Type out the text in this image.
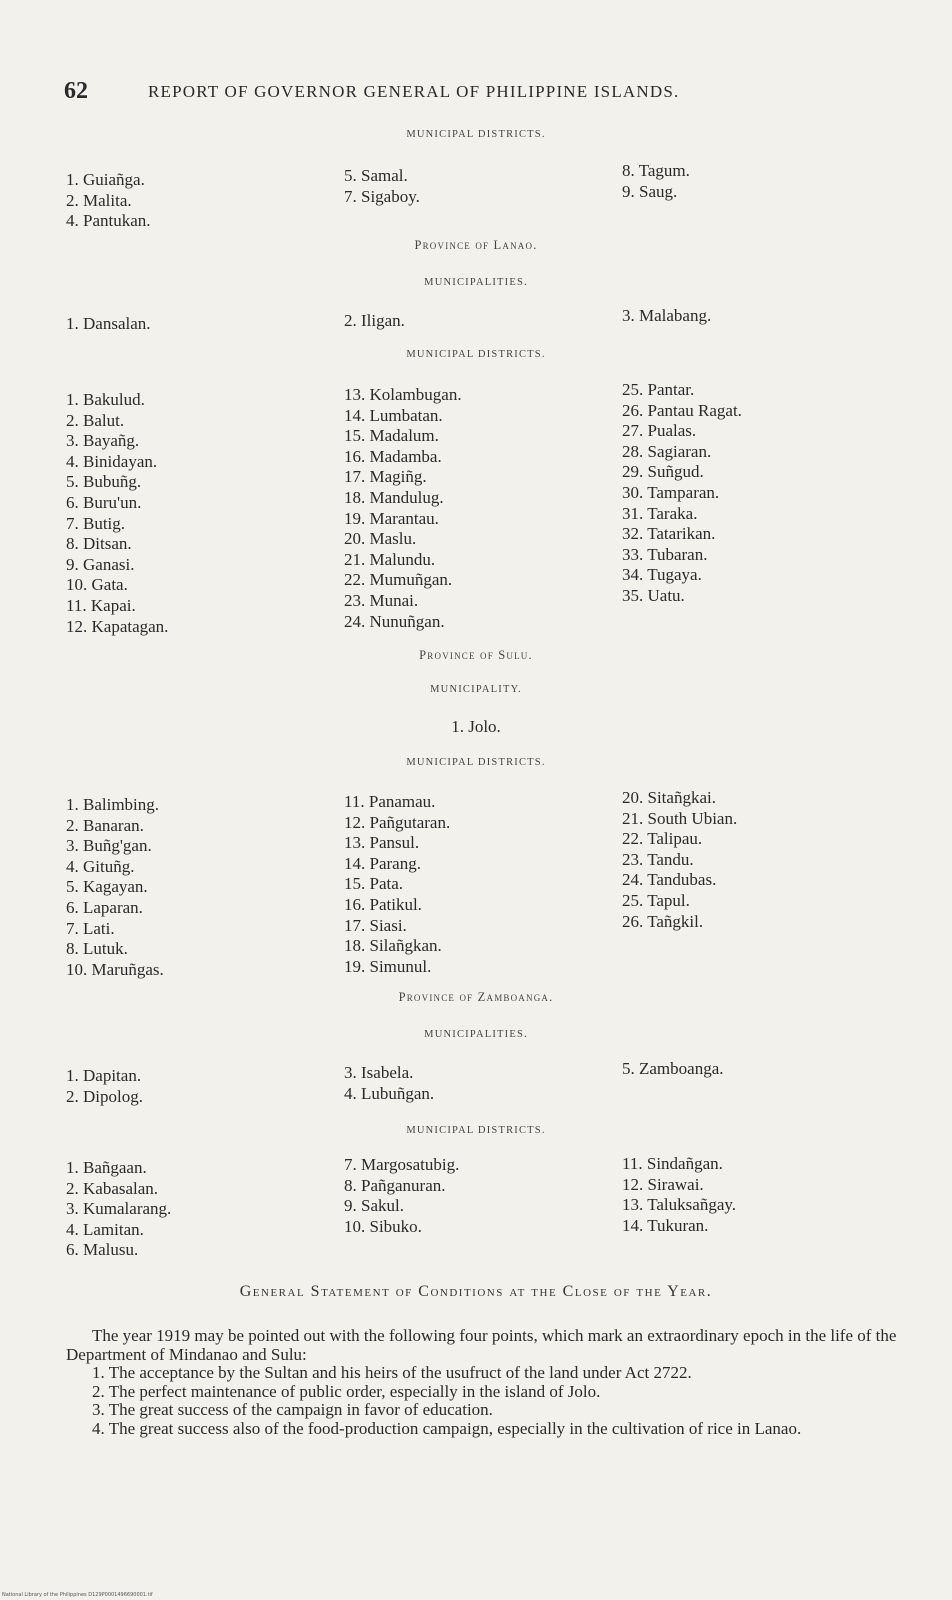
62	REPORT OF GOVERNOR GENERAL OF PHILIPPINE ISLANDS.
MUNICIPAL DISTRICTS.
1. Guiañga.
2. Malita.
4. Pantukan.
5. Samal.
7. Sigaboy.
8. Tagum.
9. Saug.
Province of Lanao.
MUNICIPALITIES.
1. Dansalan.	2. Iligan.	3. Malabang.
MUNICIPAL DISTRICTS.
1. Bakulud.
2. Balut.
3. Bayañg.
4. Binidayan.
5. Bubuñg.
6. Buru'un.
7. Butig.
8. Ditsan.
9. Ganasi.
10. Gata.
11. Kapai.
12. Kapatagan.
13. Kolambugan.
14. Lumbatan.
15. Madalum.
16. Madamba.
17. Magiñg.
18. Mandulug.
19. Marantau.
20. Maslu.
21. Malundu.
22. Mumuñgan.
23. Munai.
24. Nunuñgan.
25. Pantar.
26. Pantau Ragat.
27. Pualas.
28. Sagiaran.
29. Suñgud.
30. Tamparan.
31. Taraka.
32. Tatarikan.
33. Tubaran.
34. Tugaya.
35. Uatu.
Province of Sulu.
MUNICIPALITY.
1. Jolo.
MUNICIPAL DISTRICTS.
1. Balimbing.
2. Banaran.
3. Buñg'gan.
4. Gituñg.
5. Kagayan.
6. Laparan.
7. Lati.
8. Lutuk.
10. Maruñgas.
11. Panamau.
12. Pañgutaran.
13. Pansul.
14. Parang.
15. Pata.
16. Patikul.
17. Siasi.
18. Silañgkan.
19. Simunul.
20. Sitañgkai.
21. South Ubian.
22. Talipau.
23. Tandu.
24. Tandubas.
25. Tapul.
26. Tañgkil.
Province of Zamboanga.
MUNICIPALITIES.
1. Dapitan.
2. Dipolog.
3. Isabela.
4. Lubuñgan.
5. Zamboanga.
MUNICIPAL DISTRICTS.
1. Bañgaan.
2. Kabasalan.
3. Kumalarang.
4. Lamitan.
6. Malusu.
7. Margosatubig.
8. Pañganuran.
9. Sakul.
10. Sibuko.
11. Sindañgan.
12. Sirawai.
13. Taluksañgay.
14. Tukuran.
General Statement of Conditions at the Close of the Year.

The year 1919 may be pointed out with the following four points, which mark an extraordinary epoch in the life of the Department of Mindanao and Sulu:

1. The acceptance by the Sultan and his heirs of the usufruct of the land under Act 2722.

2. The perfect maintenance of public order, especially in the island of Jolo.

3. The great success of the campaign in favor of education.

4. The great success also of the food-production campaign, especially in the cultivation of rice in Lanao.

National Library of the Philippines D129P0001496690001.tif
